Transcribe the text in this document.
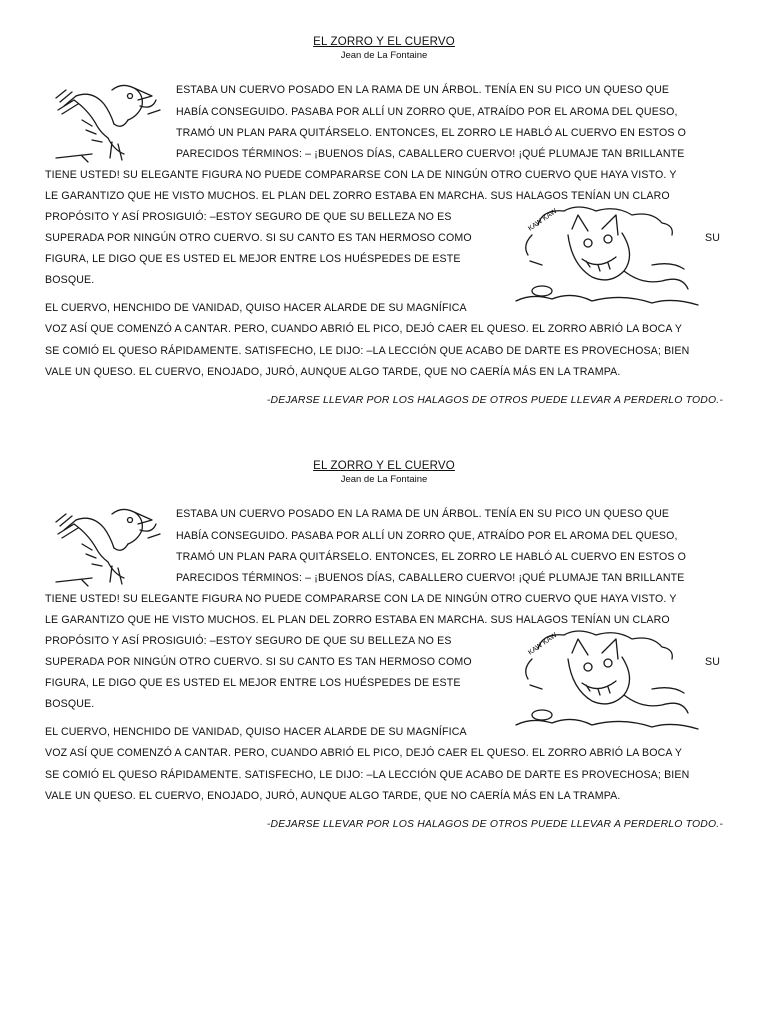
EL ZORRO Y EL CUERVO
Jean de La Fontaine
KAW KAW
ESTABA UN CUERVO POSADO EN LA RAMA DE UN ÁRBOL. TENÍA EN SU PICO UN QUESO QUE
HABÍA CONSEGUIDO. PASABA POR ALLÍ UN ZORRO QUE, ATRAÍDO POR EL AROMA DEL QUESO,
TRAMÓ UN PLAN PARA QUITÁRSELO. ENTONCES, EL ZORRO LE HABLÓ AL CUERVO EN ESTOS O
PARECIDOS TÉRMINOS: – ¡BUENOS DÍAS, CABALLERO CUERVO! ¡QUÉ PLUMAJE TAN BRILLANTE
TIENE USTED! SU ELEGANTE FIGURA NO PUEDE COMPARARSE CON LA DE NINGÚN OTRO CUERVO QUE HAYA VISTO. Y
LE GARANTIZO QUE HE VISTO MUCHOS. EL PLAN DEL ZORRO ESTABA EN MARCHA. SUS HALAGOS TENÍAN UN CLARO
PROPÓSITO Y ASÍ PROSIGUIÓ: –ESTOY SEGURO DE QUE SU BELLEZA NO ES
SUPERADA POR NINGÚN OTRO CUERVO. SI SU CANTO ES TAN HERMOSO COMO	SU
FIGURA, LE DIGO QUE ES USTED EL MEJOR ENTRE LOS HUÉSPEDES DE ESTE
BOSQUE.
EL CUERVO, HENCHIDO DE VANIDAD, QUISO HACER ALARDE DE SU MAGNÍFICA
VOZ ASÍ QUE COMENZÓ A CANTAR. PERO, CUANDO ABRIÓ EL PICO, DEJÓ CAER EL QUESO. EL ZORRO ABRIÓ LA BOCA Y
SE COMIÓ EL QUESO RÁPIDAMENTE. SATISFECHO, LE DIJO: –LA LECCIÓN QUE ACABO DE DARTE ES PROVECHOSA; BIEN
VALE UN QUESO. EL CUERVO, ENOJADO, JURÓ, AUNQUE ALGO TARDE, QUE NO CAERÍA MÁS EN LA TRAMPA.
-DEJARSE LLEVAR POR LOS HALAGOS DE OTROS PUEDE LLEVAR A PERDERLO TODO.-
EL ZORRO Y EL CUERVO
Jean de La Fontaine
KAW KAW
ESTABA UN CUERVO POSADO EN LA RAMA DE UN ÁRBOL. TENÍA EN SU PICO UN QUESO QUE
HABÍA CONSEGUIDO. PASABA POR ALLÍ UN ZORRO QUE, ATRAÍDO POR EL AROMA DEL QUESO,
TRAMÓ UN PLAN PARA QUITÁRSELO. ENTONCES, EL ZORRO LE HABLÓ AL CUERVO EN ESTOS O
PARECIDOS TÉRMINOS: – ¡BUENOS DÍAS, CABALLERO CUERVO! ¡QUÉ PLUMAJE TAN BRILLANTE
TIENE USTED! SU ELEGANTE FIGURA NO PUEDE COMPARARSE CON LA DE NINGÚN OTRO CUERVO QUE HAYA VISTO. Y
LE GARANTIZO QUE HE VISTO MUCHOS. EL PLAN DEL ZORRO ESTABA EN MARCHA. SUS HALAGOS TENÍAN UN CLARO
PROPÓSITO Y ASÍ PROSIGUIÓ: –ESTOY SEGURO DE QUE SU BELLEZA NO ES
SUPERADA POR NINGÚN OTRO CUERVO. SI SU CANTO ES TAN HERMOSO COMO	SU
FIGURA, LE DIGO QUE ES USTED EL MEJOR ENTRE LOS HUÉSPEDES DE ESTE
BOSQUE.
EL CUERVO, HENCHIDO DE VANIDAD, QUISO HACER ALARDE DE SU MAGNÍFICA
VOZ ASÍ QUE COMENZÓ A CANTAR. PERO, CUANDO ABRIÓ EL PICO, DEJÓ CAER EL QUESO. EL ZORRO ABRIÓ LA BOCA Y
SE COMIÓ EL QUESO RÁPIDAMENTE. SATISFECHO, LE DIJO: –LA LECCIÓN QUE ACABO DE DARTE ES PROVECHOSA; BIEN
VALE UN QUESO. EL CUERVO, ENOJADO, JURÓ, AUNQUE ALGO TARDE, QUE NO CAERÍA MÁS EN LA TRAMPA.
-DEJARSE LLEVAR POR LOS HALAGOS DE OTROS PUEDE LLEVAR A PERDERLO TODO.-
